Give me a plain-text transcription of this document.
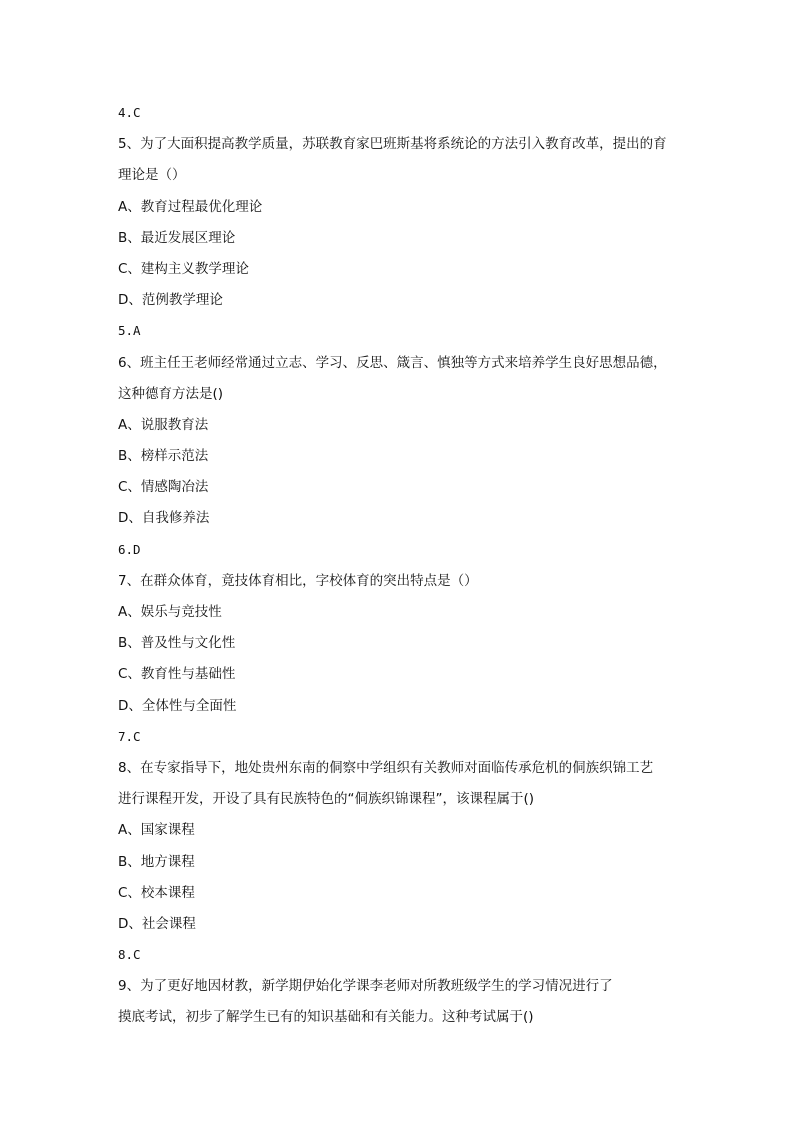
4.C
5、为了大面积提高教学质量，苏联教育家巴班斯基将系统论的方法引入教育改革，提出的育
理论是（）
A、教育过程最优化理论
B、最近发展区理论
C、建构主义教学理论
D、范例教学理论
5.A
6、班主任王老师经常通过立志、学习、反思、箴言、慎独等方式来培养学生良好思想品德，
这种德育方法是()
A、说服教育法
B、榜样示范法
C、情感陶冶法
D、自我修养法
6.D
7、在群众体育，竟技体育相比，字校体育的突出特点是（）
A、娱乐与竞技性
B、普及性与文化性
C、教育性与基础性
D、全体性与全面性
7.C
8、在专家指导下，地处贵州东南的侗察中学组织有关教师对面临传承危机的侗族织锦工艺
进行课程开发，开设了具有民族特色的“侗族织锦课程”，该课程属于()
A、国家课程
B、地方课程
C、校本课程
D、社会课程
8.C
9、为了更好地因材教，新学期伊始化学课李老师对所教班级学生的学习情况进行了
摸底考试，初步了解学生已有的知识基础和有关能力。这种考试属于()
